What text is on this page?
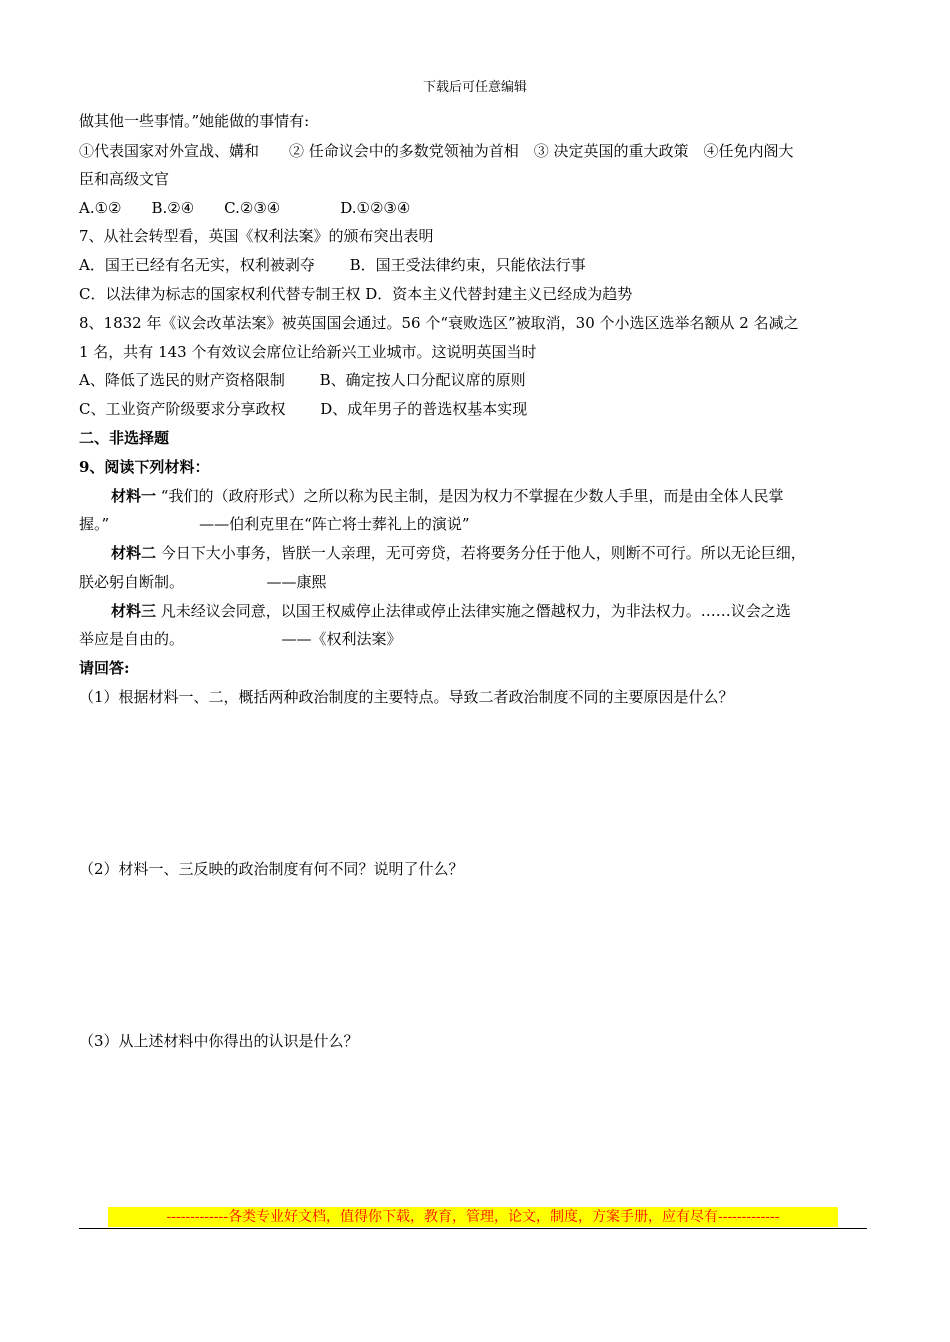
下载后可任意编辑
做其他一些事情。”她能做的事情有:
①代表国家对外宣战、媾和　　② 任命议会中的多数党领袖为首相　③ 决定英国的重大政策　④任免内阁大
臣和高级文官
A.①②　　B.②④　　C.②③④　　　　D.①②③④
7、从社会转型看，英国《权利法案》的颁布突出表明
A．国王已经有名无实，权利被剥夺　　 B．国王受法律约束，只能依法行事
C．以法律为标志的国家权利代替专制王权 D．资本主义代替封建主义已经成为趋势
8、1832 年《议会改革法案》被英国国会通过。56 个“衰败选区”被取消，30 个小选区选举名额从 2 名减之
1 名，共有 143 个有效议会席位让给新兴工业城市。这说明英国当时
A、降低了选民的财产资格限制　　 B、确定按人口分配议席的原则
C、工业资产阶级要求分享政权　　 D、成年男子的普选权基本实现
二、非选择题
9、阅读下列材料：
材料一 “我们的（政府形式）之所以称为民主制，是因为权力不掌握在少数人手里，而是由全体人民掌
握。”　　　　　　——伯利克里在“阵亡将士葬礼上的演说”
材料二 今日下大小事务，皆朕一人亲理，无可旁贷，若将要务分任于他人，则断不可行。所以无论巨细，
朕必躬自断制。　　　　　　——康熙
材料三 凡未经议会同意，以国王权威停止法律或停止法律实施之僭越权力，为非法权力。……议会之选
举应是自由的。　　　　　　　——《权利法案》
请回答:
（1）根据材料一、二，概括两种政治制度的主要特点。导致二者政治制度不同的主要原因是什么？
（2）材料一、三反映的政治制度有何不同？说明了什么？
（3）从上述材料中你得出的认识是什么？
-------------各类专业好文档，值得你下载，教育，管理，论文，制度，方案手册，应有尽有-------------
